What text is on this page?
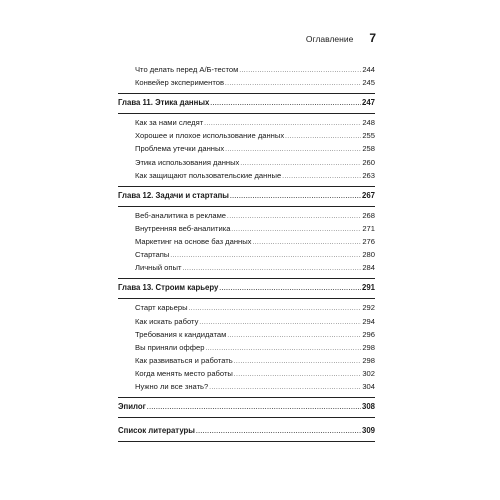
Оглавление 7
Что делать перед А/Б-тестом .....	244
Конвейер экспериментов .....	245
Глава 11. Этика данных .....	247
Как за нами следят .....	248
Хорошее и плохое использование данных .....	255
Проблема утечки данных .....	258
Этика использования данных .....	260
Как защищают пользовательские данные .....	263
Глава 12. Задачи и стартапы .....	267
Веб-аналитика в рекламе .....	268
Внутренняя веб-аналитика .....	271
Маркетинг на основе баз данных .....	276
Стартапы .....	280
Личный опыт .....	284
Глава 13. Строим карьеру .....	291
Старт карьеры .....	292
Как искать работу .....	294
Требования к кандидатам .....	296
Вы приняли оффер .....	298
Как развиваться и работать .....	298
Когда менять место работы .....	302
Нужно ли все знать? .....	304
Эпилог .....	308
Список литературы .....	309
